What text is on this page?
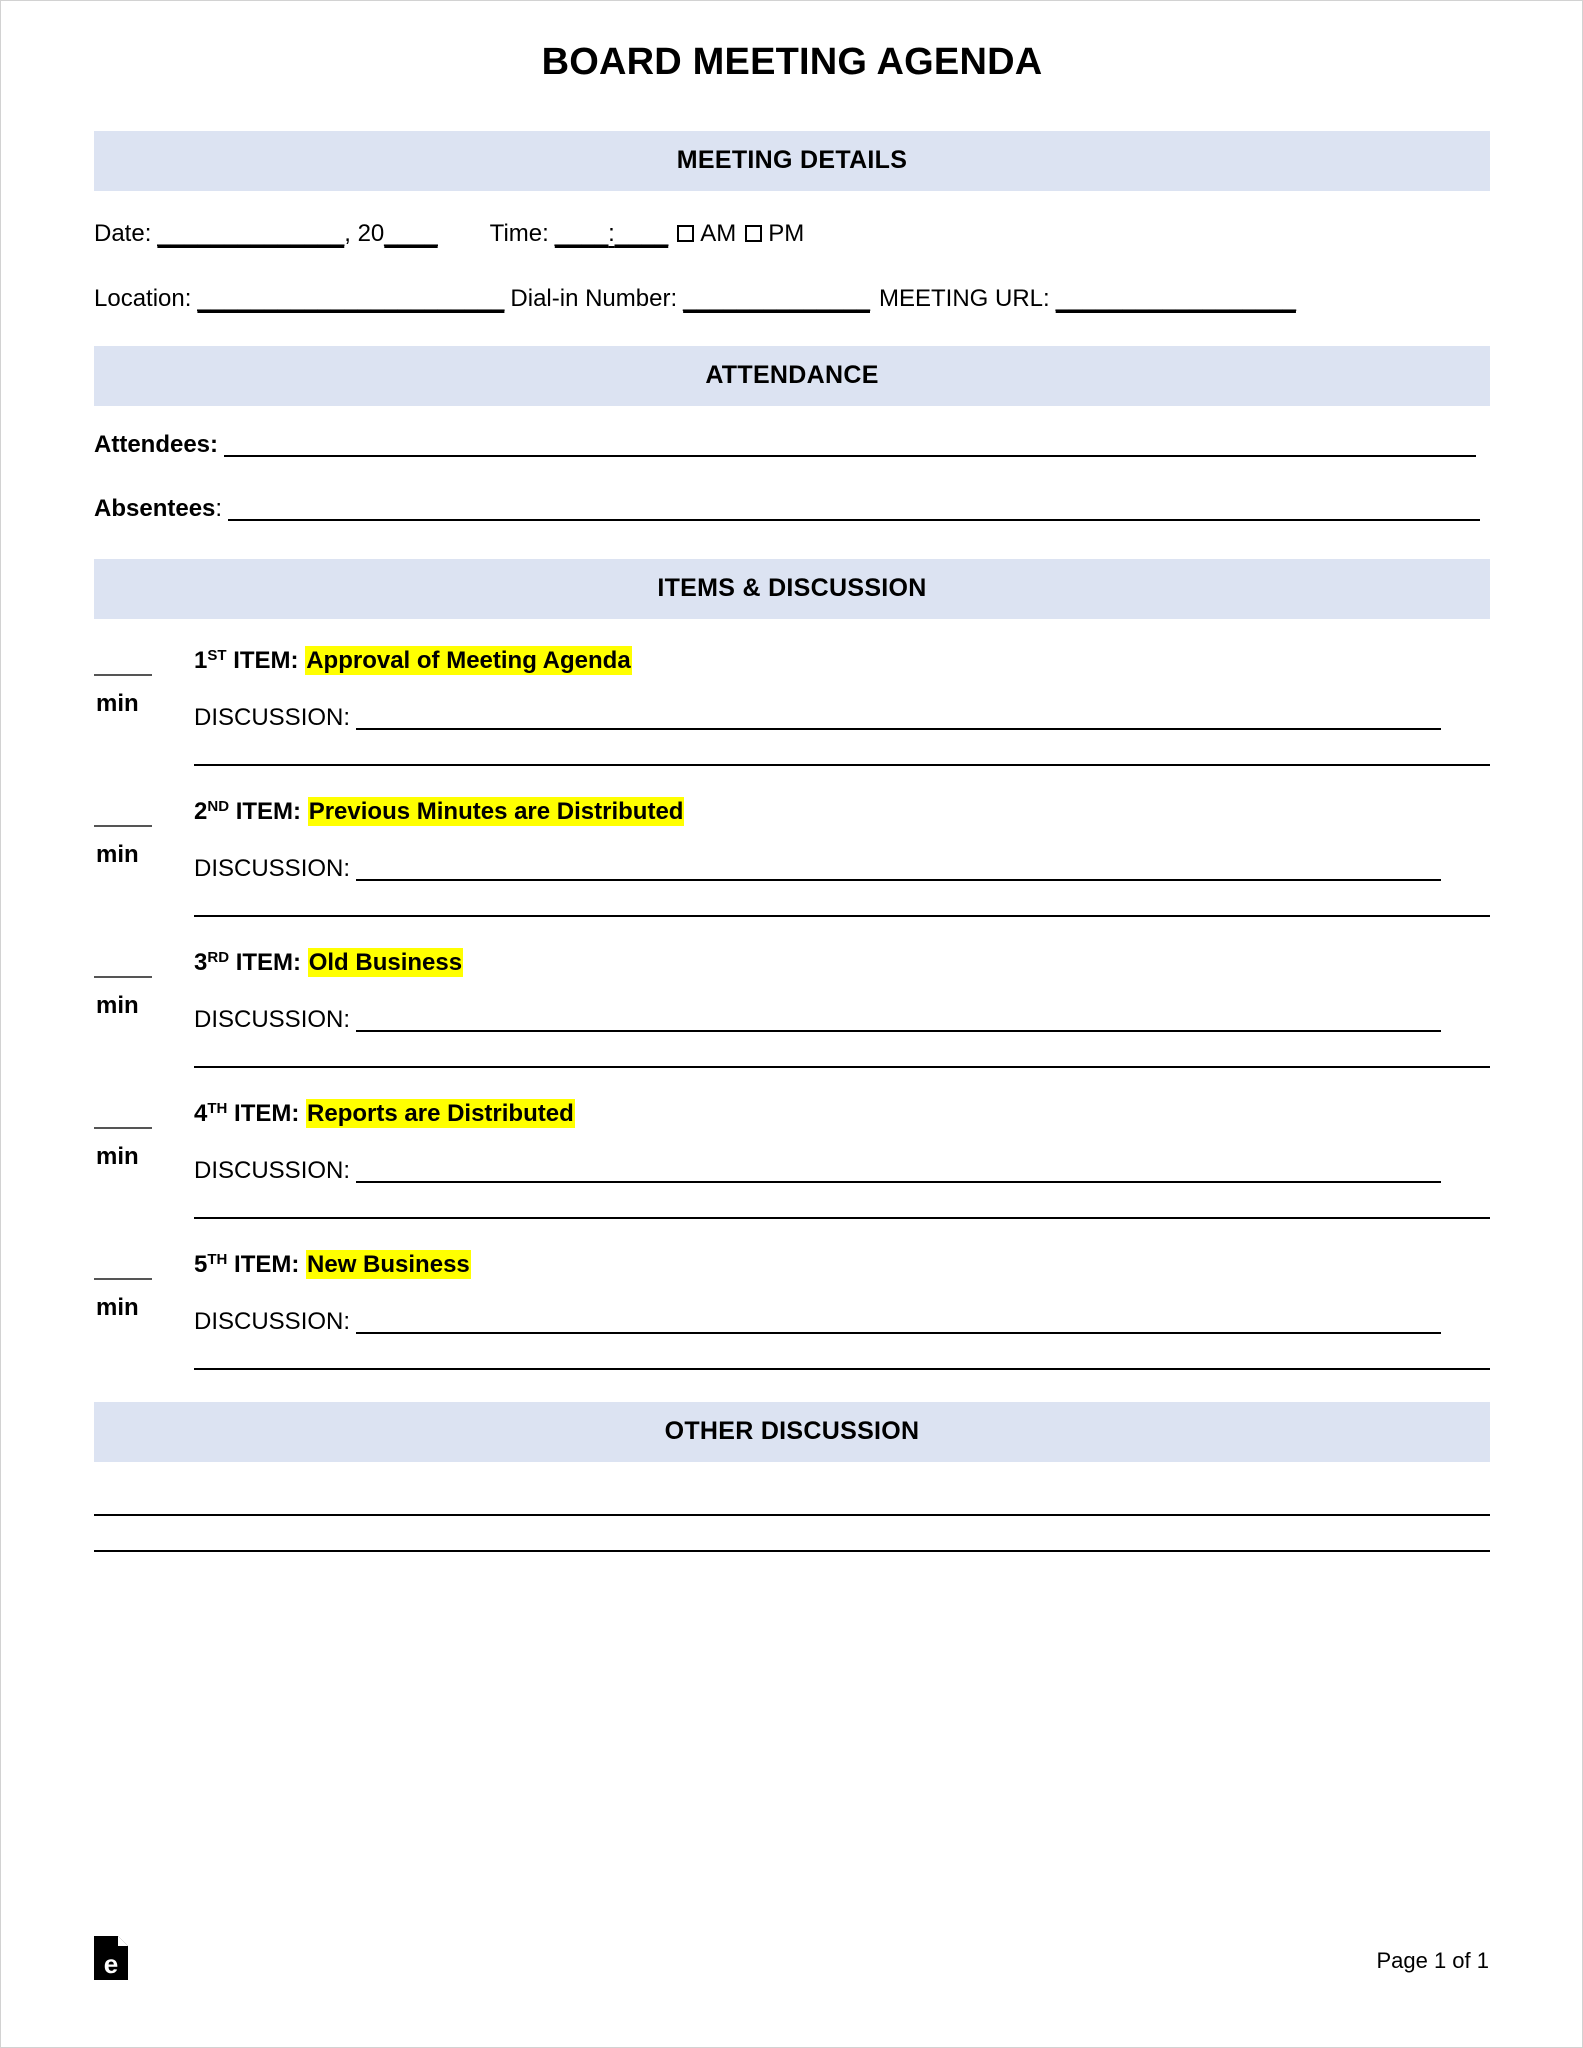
BOARD MEETING AGENDA
MEETING DETAILS
Date: ______________, 20____ Time: ____:____ AM PM
Location: _______________________ Dial-in Number: ______________ MEETING URL: __________________
ATTENDANCE
Attendees:
Absentees:
ITEMS & DISCUSSION
min
1ST ITEM: Approval of Meeting Agenda
DISCUSSION:
min
2ND ITEM: Previous Minutes are Distributed
DISCUSSION:
min
3RD ITEM: Old Business
DISCUSSION:
min
4TH ITEM: Reports are Distributed
DISCUSSION:
min
5TH ITEM: New Business
DISCUSSION:
OTHER DISCUSSION
e	Page 1 of 1
